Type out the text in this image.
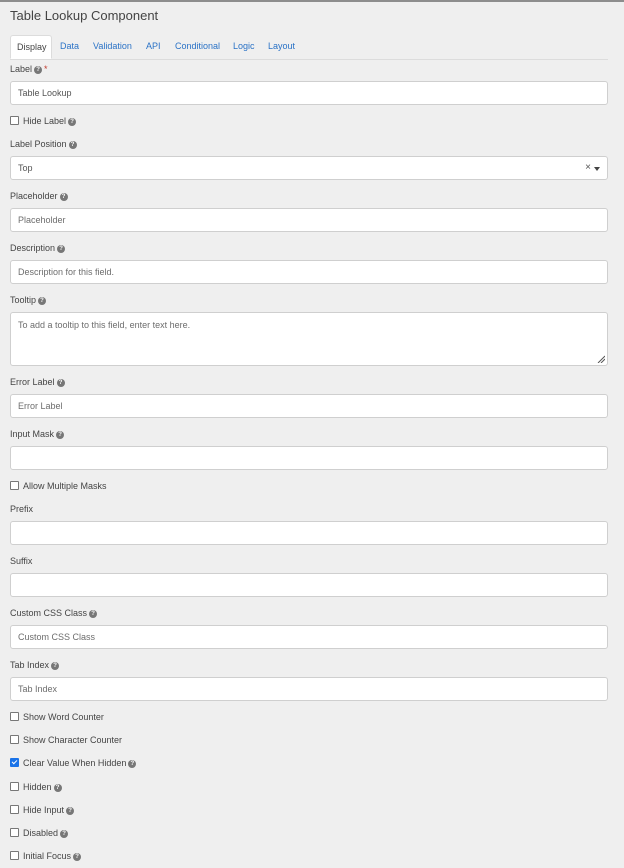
Table Lookup Component
Display	Data Validation API Conditional Logic Layout
Label ? *
Table Lookup
Hide Label ?
Label Position ?
Top	×
Placeholder ?
Placeholder
Description ?
Description for this field.
Tooltip ?
To add a tooltip to this field, enter text here.
Error Label ?
Error Label
Input Mask ?
Allow Multiple Masks
Prefix
Suffix
Custom CSS Class ?
Custom CSS Class
Tab Index ?
Tab Index
Show Word Counter
Show Character Counter
Clear Value When Hidden ?
Hidden ?
Hide Input ?
Disabled ?
Initial Focus ?
